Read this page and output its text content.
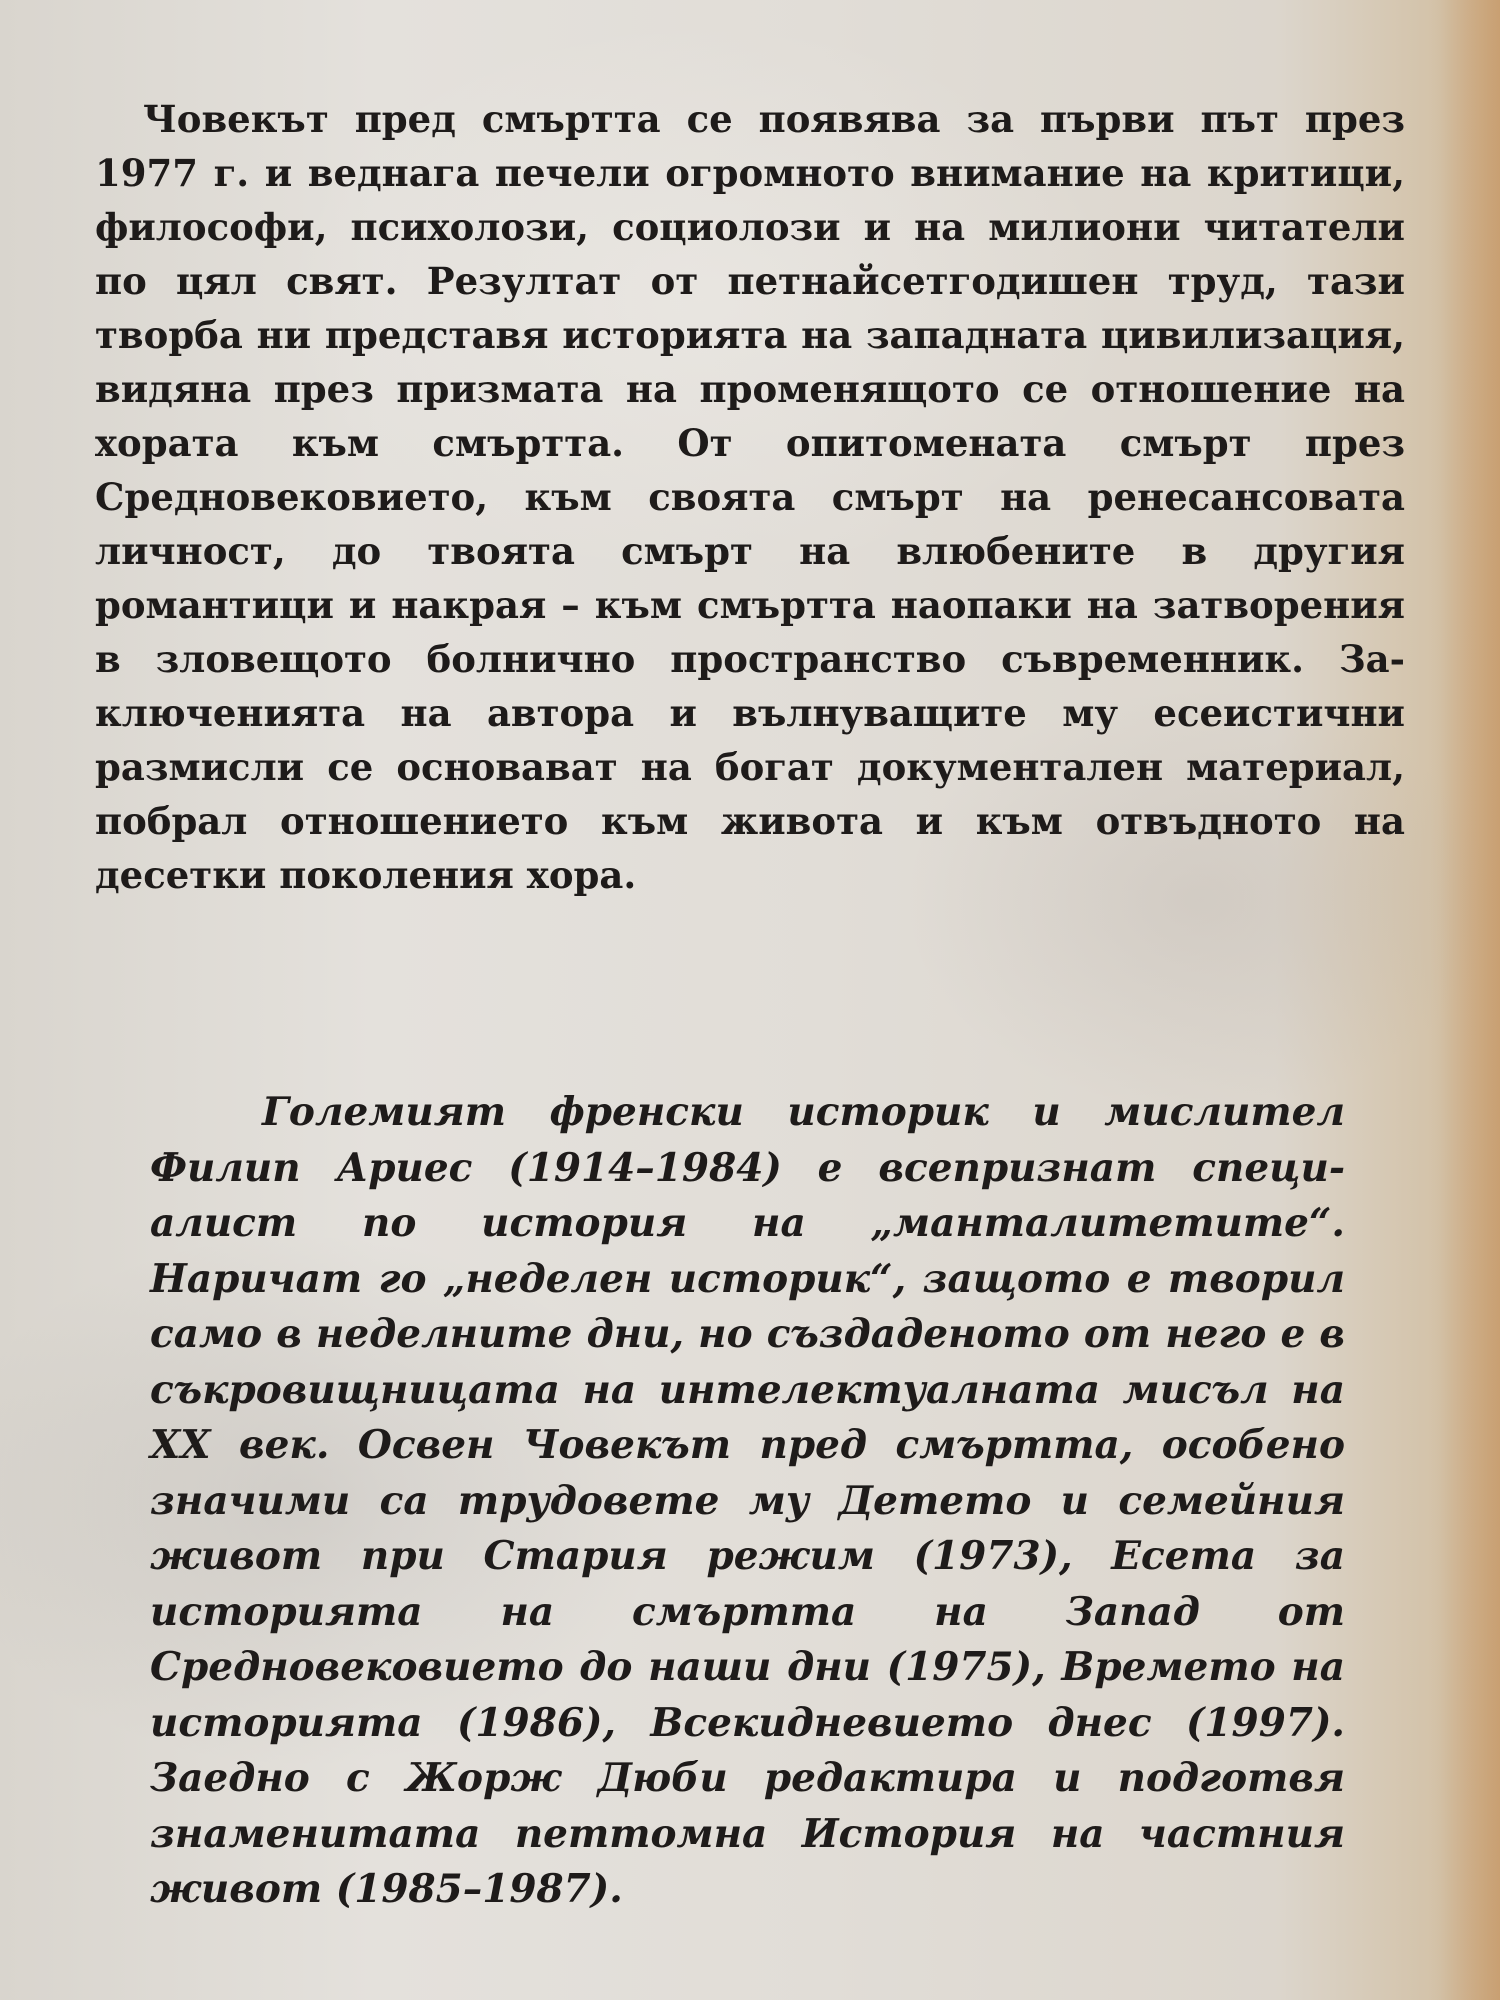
Човекът пред смъртта се появява за първи път през 1977 г. и веднага печели огромното внимание на критици, философи, психолози, социолози и на милиони читатели по цял свят. Резултат от петнайсетгодишен труд, тази творба ни представя историята на западната цивилизация, видяна през призмата на променящото се отношение на хората към смъртта. От опитомената смърт през Средновековието, към своята смърт на ренесансовата личност, до твоята смърт на влюбените в другия романтици и накрая – към смъртта наопаки на затворения в зловещото болнично пространство съвременник. Заключенията на автора и вълнуващите му есеистични размисли се основават на богат документален материал, побрал отношението към живота и към отвъдното на десетки поколения хора.

Големият френски историк и мислител Филип Ариес (1914–1984) е всепризнат специалист по история на „манталитетите“. Наричат го „неделен историк“, защото е творил само в неделните дни, но създаденото от него е в съкровищницата на интелектуалната мисъл на XX век. Освен Човекът пред смъртта, особено значими са трудовете му Детето и семейния живот при Стария режим (1973), Есета за историята на смъртта на Запад от Средновековието до наши дни (1975), Времето на историята (1986), Всекидневието днес (1997). Заедно с Жорж Дюби редактира и подготвя знаменитата петтомна История на частния живот (1985–1987).
